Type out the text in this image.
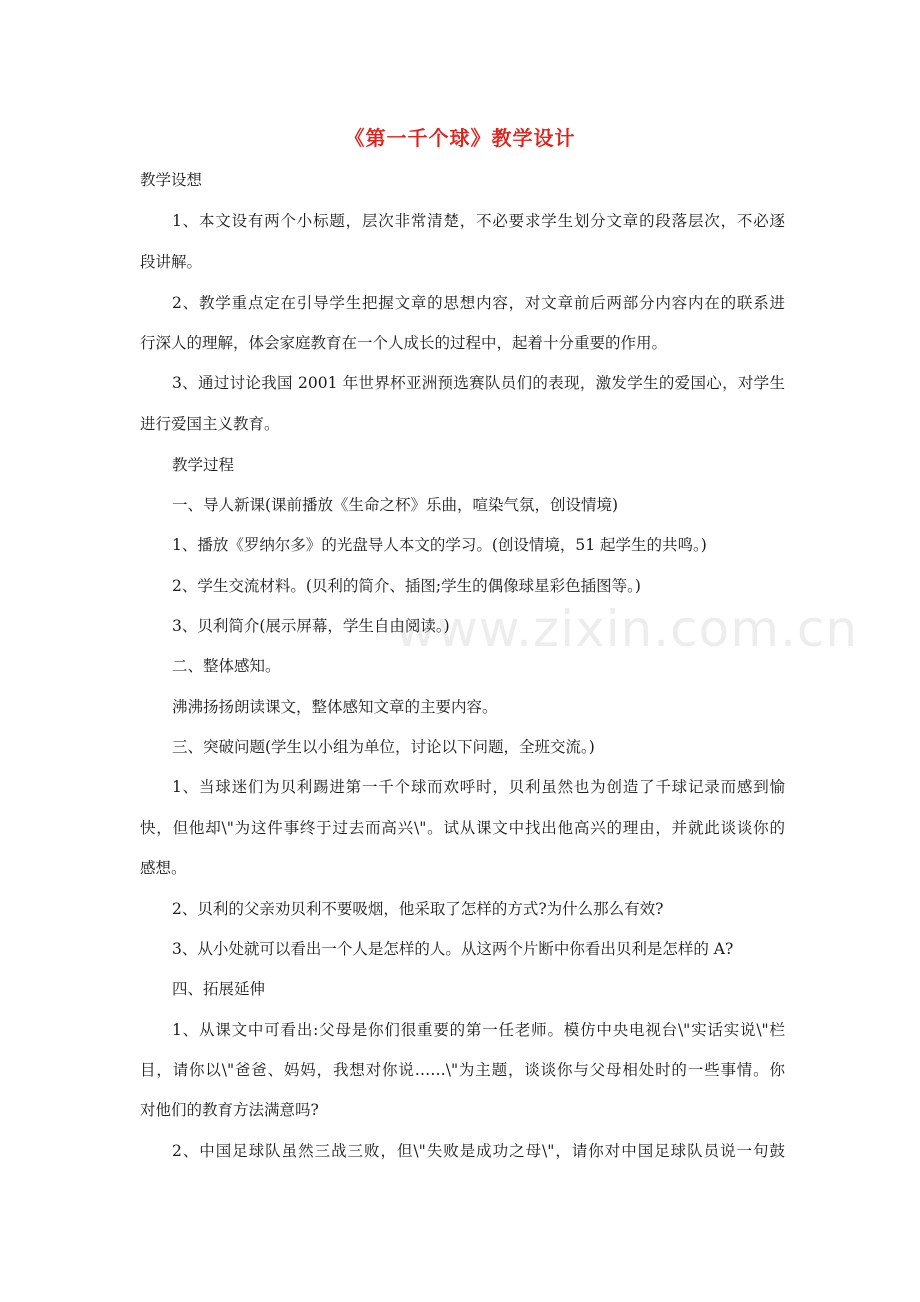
《第一千个球》教学设计
教学设想
1、本文设有两个小标题，层次非常清楚，不必要求学生划分文章的段落层次，不必逐
段讲解。
2、教学重点定在引导学生把握文章的思想内容，对文章前后两部分内容内在的联系进
行深人的理解，体会家庭教育在一个人成长的过程中，起着十分重要的作用。
3、通过讨论我国 2001 年世界杯亚洲预选赛队员们的表现，激发学生的爱国心，对学生
进行爱国主义教育。
教学过程
一、导人新课(课前播放《生命之杯》乐曲，喧染气氛，创设情境)
1、播放《罗纳尔多》的光盘导人本文的学习。(创设情境，51 起学生的共鸣。)
2、学生交流材料。(贝利的简介、插图;学生的偶像球星彩色插图等。)
3、贝利简介(展示屏幕，学生自由阅读。)
二、整体感知。
沸沸扬扬朗读课文，整体感知文章的主要内容。
三、突破问题(学生以小组为单位，讨论以下问题，全班交流。)
1、当球迷们为贝利踢进第一千个球而欢呼时，贝利虽然也为创造了千球记录而感到愉
快，但他却\"为这件事终于过去而高兴\"。试从课文中找出他高兴的理由，并就此谈谈你的
感想。
2、贝利的父亲劝贝利不要吸烟，他采取了怎样的方式?为什么那么有效?
3、从小处就可以看出一个人是怎样的人。从这两个片断中你看出贝利是怎样的 A?
四、拓展延伸
1、从课文中可看出:父母是你们很重要的第一任老师。模仿中央电视台\"实话实说\"栏
目，请你以\"爸爸、妈妈，我想对你说……\"为主题，谈谈你与父母相处时的一些事情。你
对他们的教育方法满意吗?
2、中国足球队虽然三战三败，但\"失败是成功之母\"，请你对中国足球队员说一句鼓
www.zixin.com.cn
